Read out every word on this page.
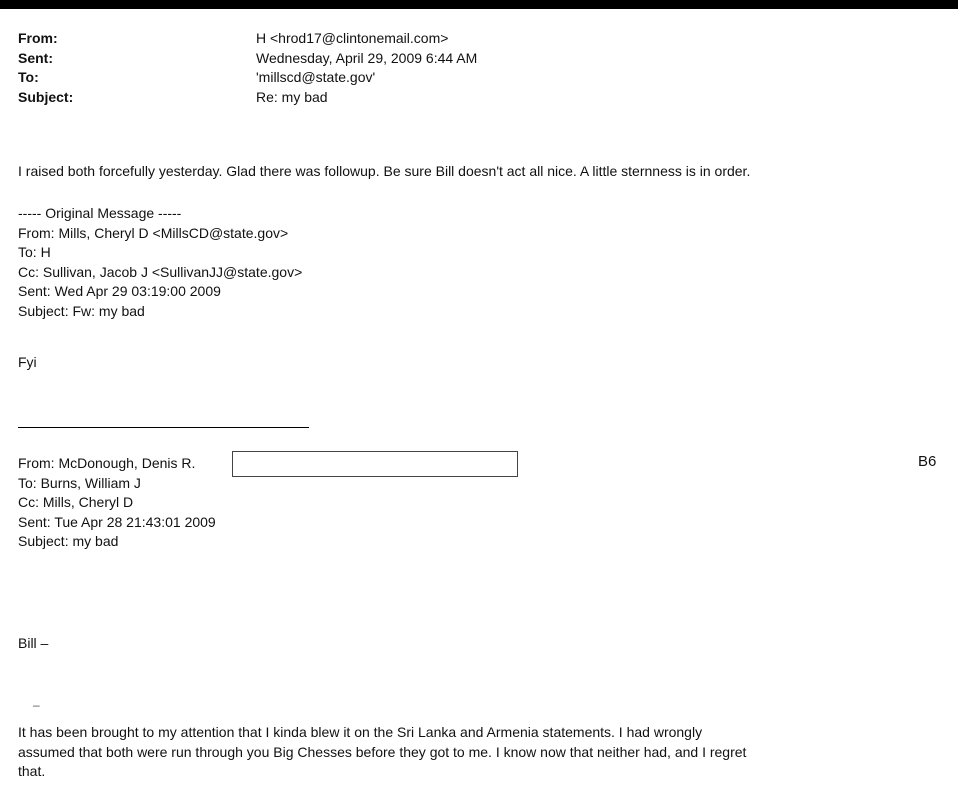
From:	H <hrod17@clintonemail.com>
Sent:	Wednesday, April 29, 2009 6:44 AM
To:	'millscd@state.gov'
Subject:	Re: my bad
I raised both forcefully yesterday. Glad there was followup. Be sure Bill doesn't act all nice. A little sternness is in order.
----- Original Message -----
From: Mills, Cheryl D <MillsCD@state.gov>
To: H
Cc: Sullivan, Jacob J <SullivanJJ@state.gov>
Sent: Wed Apr 29 03:19:00 2009
Subject: Fw: my bad
Fyi
From: McDonough, Denis R.
To: Burns, William J
Cc: Mills, Cheryl D
Sent: Tue Apr 28 21:43:01 2009
Subject: my bad
B6
Bill –
–
It has been brought to my attention that I kinda blew it on the Sri Lanka and Armenia statements. I had wrongly
assumed that both were run through you Big Chesses before they got to me. I know now that neither had, and I regret
that.
